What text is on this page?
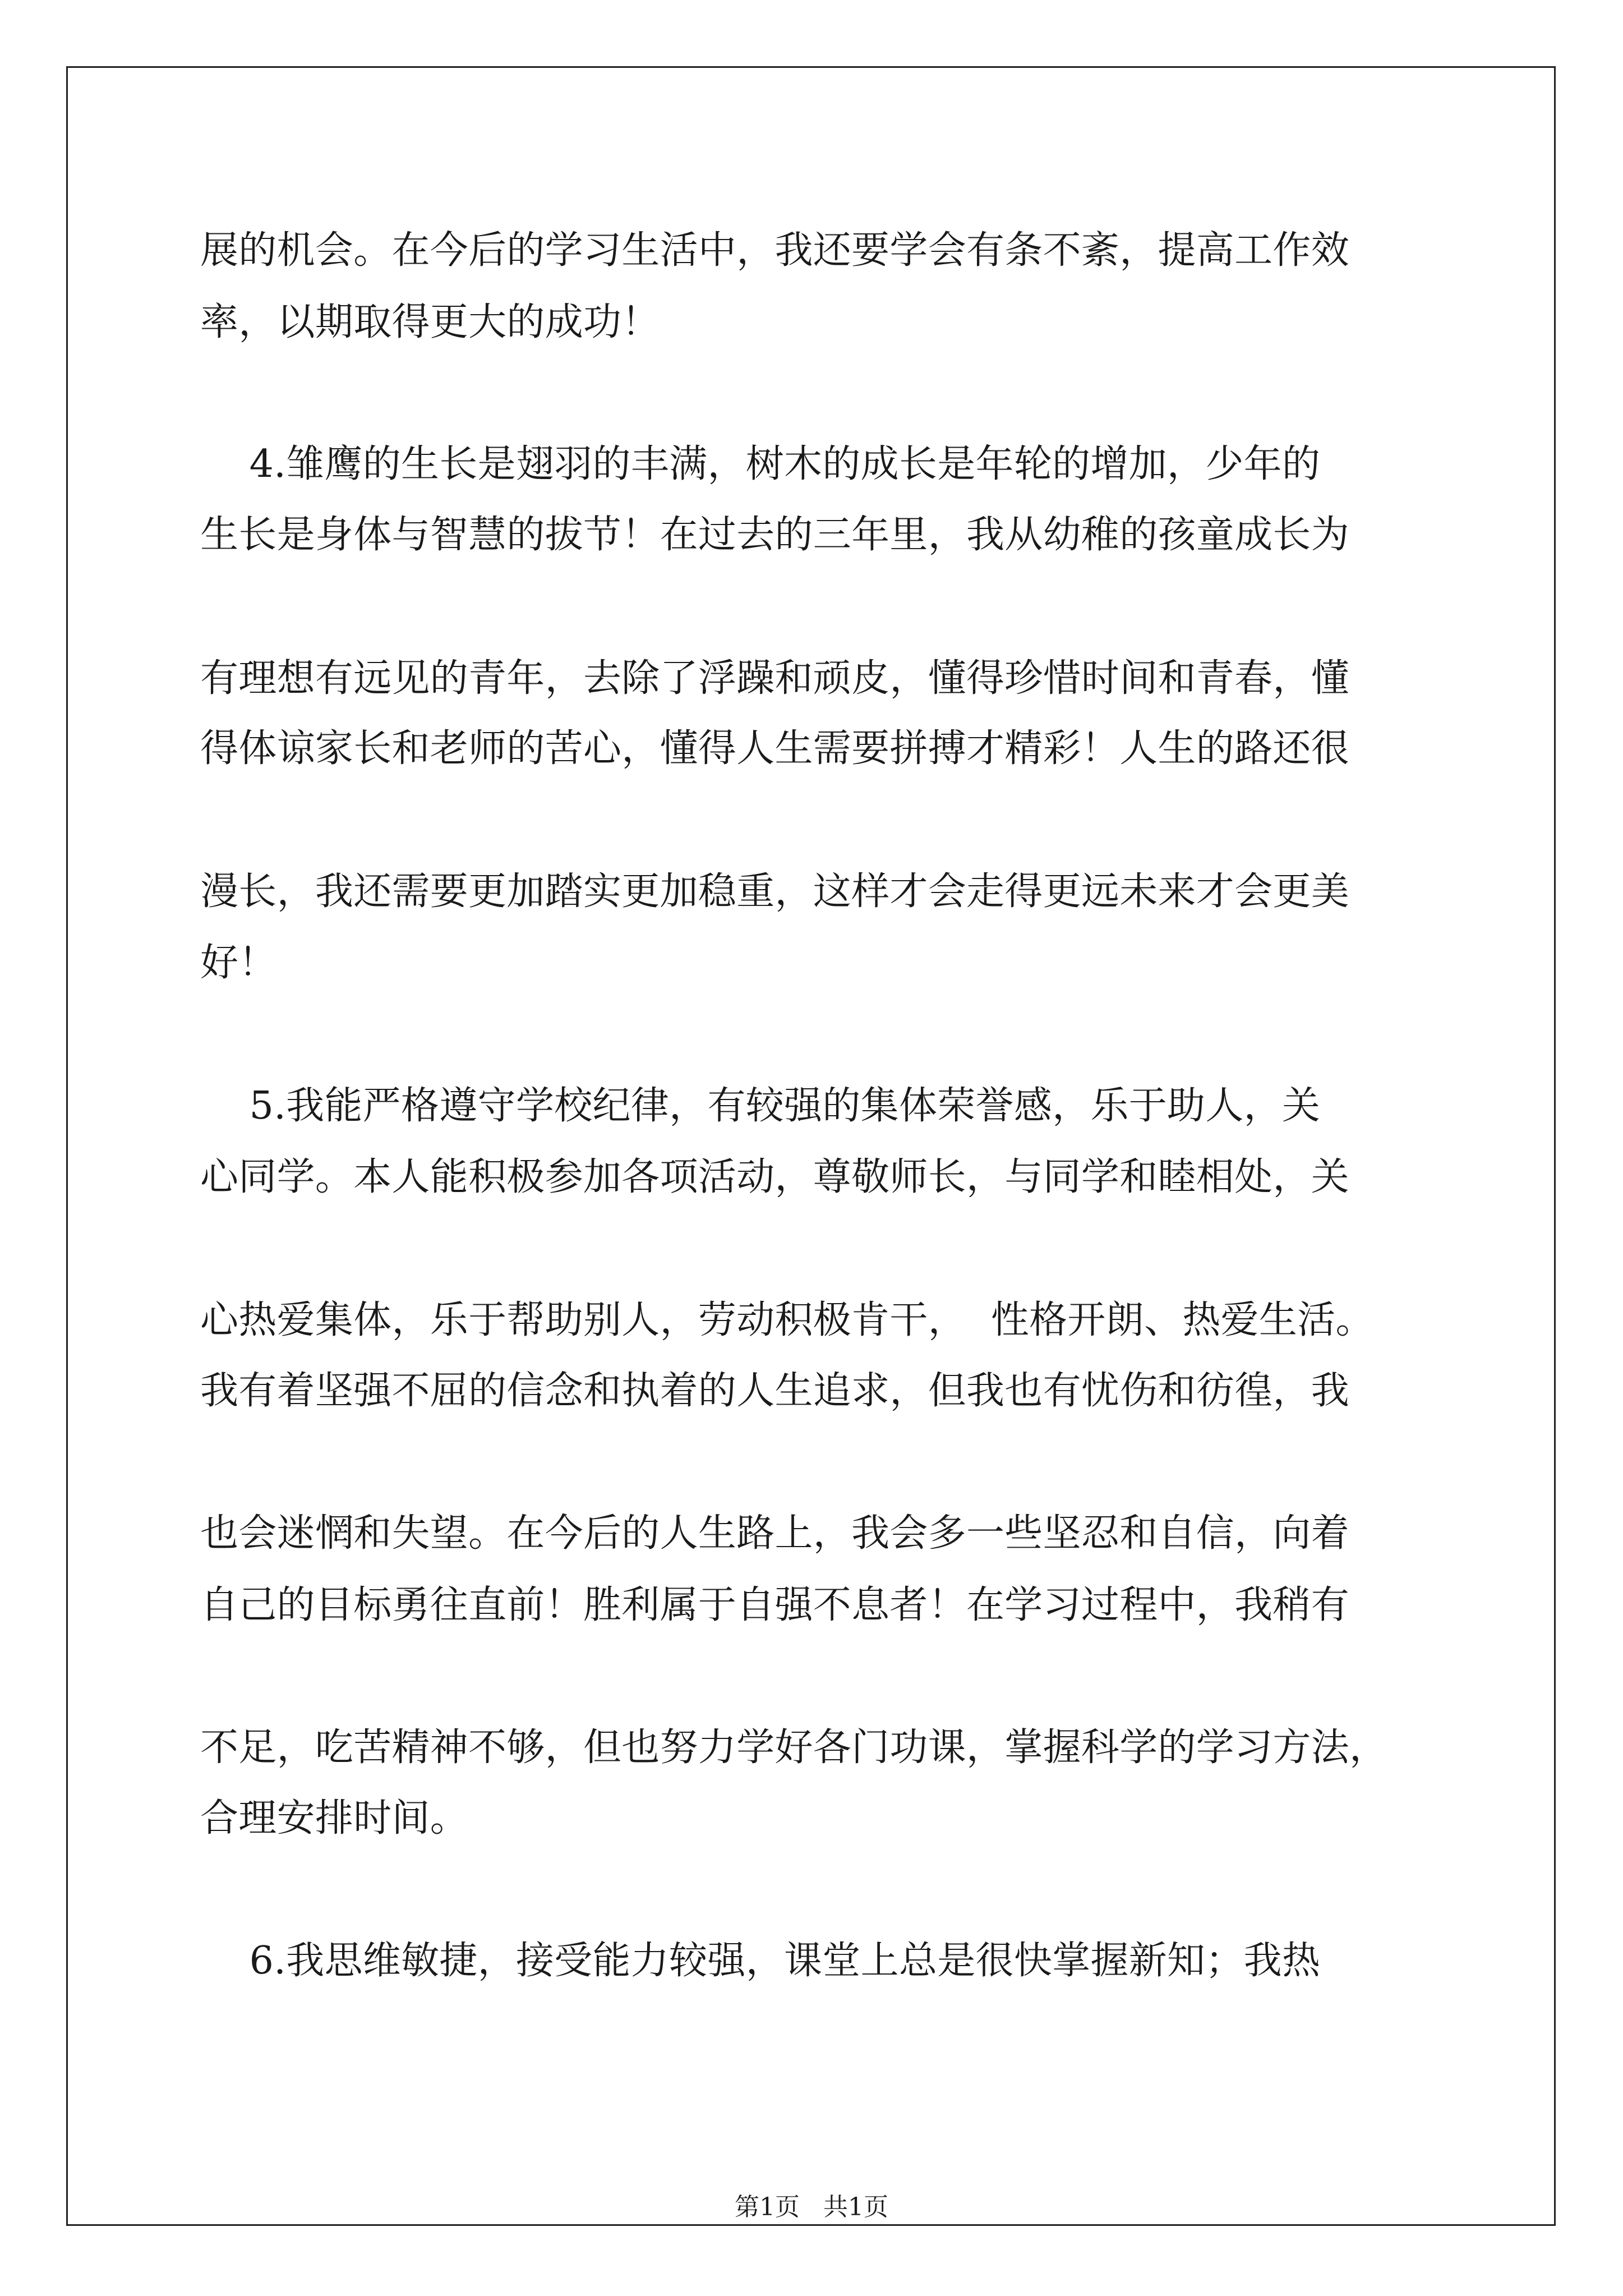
展的机会。在今后的学习生活中，我还要学会有条不紊，提高工作效
率，以期取得更大的成功！
4.雏鹰的生长是翅羽的丰满，树木的成长是年轮的增加，少年的
生长是身体与智慧的拔节！在过去的三年里，我从幼稚的孩童成长为
有理想有远见的青年，去除了浮躁和顽皮，懂得珍惜时间和青春，懂
得体谅家长和老师的苦心，懂得人生需要拼搏才精彩！人生的路还很
漫长，我还需要更加踏实更加稳重，这样才会走得更远未来才会更美
好！
5.我能严格遵守学校纪律，有较强的集体荣誉感，乐于助人，关
心同学。本人能积极参加各项活动，尊敬师长，与同学和睦相处，关
心热爱集体，乐于帮助别人，劳动积极肯干，  性格开朗、热爱生活。
我有着坚强不屈的信念和执着的人生追求，但我也有忧伤和彷徨，我
也会迷惘和失望。在今后的人生路上，我会多一些坚忍和自信，向着
自己的目标勇往直前！胜利属于自强不息者！在学习过程中，我稍有
不足，吃苦精神不够，但也努力学好各门功课，掌握科学的学习方法，
合理安排时间。
6.我思维敏捷，接受能力较强，课堂上总是很快掌握新知；我热
第1页   共1页
